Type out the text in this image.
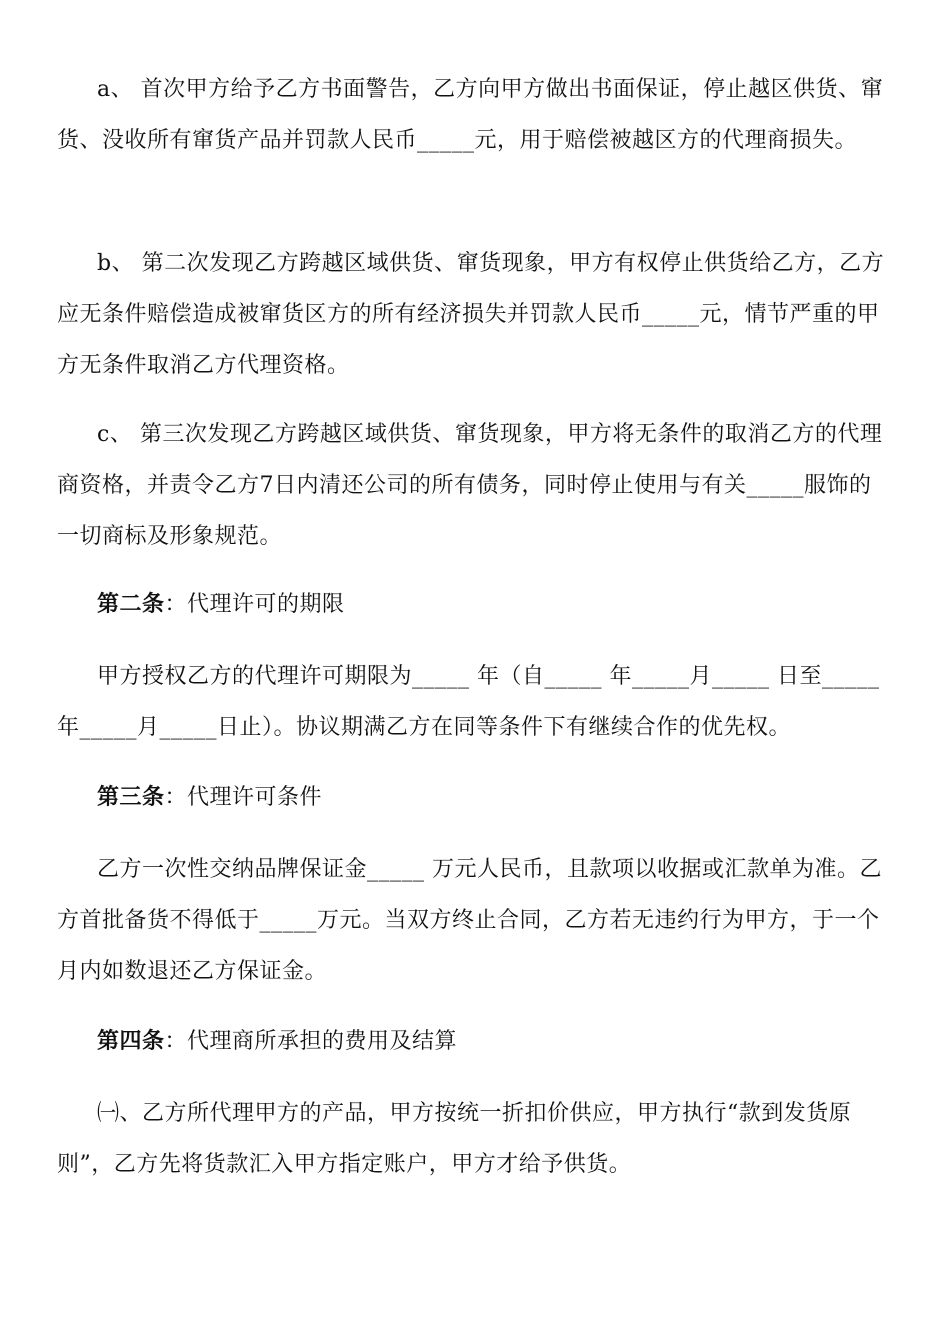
a、 首次甲方给予乙方书面警告，乙方向甲方做出书面保证，停止越区供货、窜货、没收所有窜货产品并罚款人民币_____元，用于赔偿被越区方的代理商损失。

b、 第二次发现乙方跨越区域供货、窜货现象，甲方有权停止供货给乙方，乙方应无条件赔偿造成被窜货区方的所有经济损失并罚款人民币_____元，情节严重的甲方无条件取消乙方代理资格。

c、 第三次发现乙方跨越区域供货、窜货现象，甲方将无条件的取消乙方的代理商资格，并责令乙方7日内清还公司的所有债务，同时停止使用与有关_____服饰的一切商标及形象规范。

第二条：代理许可的期限

甲方授权乙方的代理许可期限为_____ 年（自_____ 年_____月_____ 日至_____年_____月_____日止）。协议期满乙方在同等条件下有继续合作的优先权。

第三条：代理许可条件

乙方一次性交纳品牌保证金_____ 万元人民币，且款项以收据或汇款单为准。乙方首批备货不得低于_____万元。当双方终止合同，乙方若无违约行为甲方，于一个月内如数退还乙方保证金。

第四条：代理商所承担的费用及结算

㈠、乙方所代理甲方的产品，甲方按统一折扣价供应，甲方执行“款到发货原则”，乙方先将货款汇入甲方指定账户，甲方才给予供货。
